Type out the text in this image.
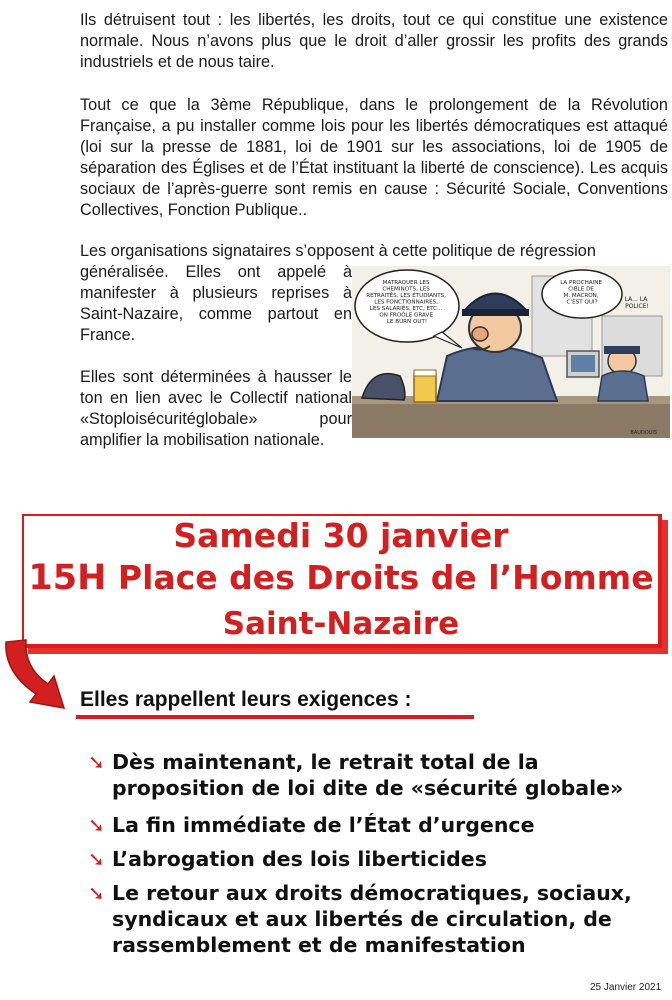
Ils détruisent tout : les libertés, les droits, tout ce qui constitue une existence normale. Nous n’avons plus que le droit d’aller grossir les profits des grands industriels et de nous taire.

Tout ce que la 3ème République, dans le prolongement de la Révolution Française, a pu installer comme lois pour les libertés démocratiques est attaqué (loi sur la presse de 1881, loi de 1901 sur les associations, loi de 1905 de séparation des Églises et de l’État instituant la liberté de conscience). Les acquis sociaux de l’après-guerre sont remis en cause : Sécurité Sociale, Conventions Collectives, Fonction Publique..

Les organisations signataires s’opposent à cette politique de régression

généralisée. Elles ont appelé à manifester à plusieurs reprises à Saint-Nazaire, comme partout en France.

Elles sont déterminées à hausser le ton en lien avec le Collectif national «Stoploisécuritéglobale» pour amplifier la mobilisation nationale.

MATRAQUER LES CHEMINOTS, LES RETRAITÉS, LES ÉTUDIANTS, LES FONCTIONNAIRES, LES SALARIÉS, ETC, ETC... ON FROÔLE GRAVE LE BURN OUT!
LA PROCHAINE CIBLE DE M. MACRON, C’EST QUI?	LA... LA POLICE!
BAUDOUIS

Samedi 30 janvier

15H Place des Droits de l’Homme

Saint-Nazaire

Elles rappellent leurs exigences :

➘ Dès maintenant, le retrait total de la proposition de loi dite de «sécurité globale»

➘ La fin immédiate de l’État d’urgence

➘ L’abrogation des lois liberticides

➘ Le retour aux droits démocratiques, sociaux, syndicaux et aux libertés de circulation, de rassemblement et de manifestation

25 Janvier 2021
